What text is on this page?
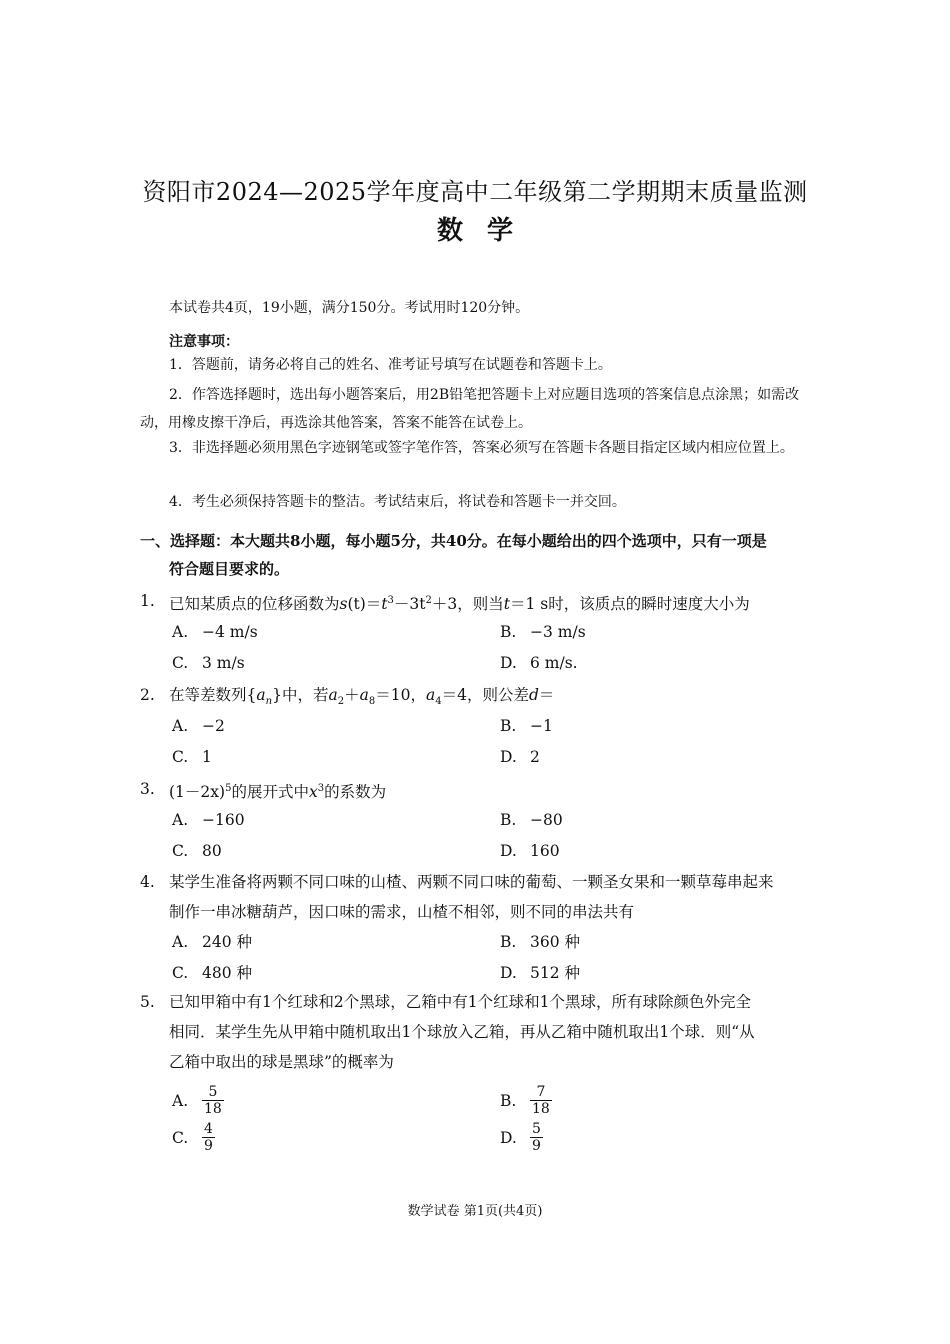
资阳市2024—2025学年度高中二年级第二学期期末质量监测
数学
本试卷共4页，19小题，满分150分。考试用时120分钟。
注意事项：
1．答题前，请务必将自己的姓名、准考证号填写在试题卷和答题卡上。
2．作答选择题时，选出每小题答案后，用2B铅笔把答题卡上对应题目选项的答案信息点涂黑；如需改动，用橡皮擦干净后，再选涂其他答案，答案不能答在试卷上。
3．非选择题必须用黑色字迹钢笔或签字笔作答，答案必须写在答题卡各题目指定区域内相应位置上。
4．考生必须保持答题卡的整洁。考试结束后，将试卷和答题卡一并交回。
一、选择题：本大题共8小题，每小题5分，共40分。在每小题给出的四个选项中，只有一项是
符合题目要求的。
1. 已知某质点的位移函数为$s(t)=t^3-3t^2+3$，则当t＝1 s时，该质点的瞬时速度大小为
A. −4 m/s	B. −3 m/s
C. 3 m/s	D. 6 m/s.
2. 在等差数列$\{a_n\}$中，若$a_2+a_8=10$，$a_4=4$，则公差d＝
A. −2	B. −1
C. 1	D. 2
3. $(1-2x)^5$的展开式中$x^3$的系数为
A. −160	B. −80
C. 80	D. 160
4. 某学生准备将两颗不同口味的山楂、两颗不同口味的葡萄、一颗圣女果和一颗草莓串起来
制作一串冰糖葫芦，因口味的需求，山楂不相邻，则不同的串法共有
A. 240 种	B. 360 种
C. 480 种	D. 512 种
5. 已知甲箱中有1个红球和2个黑球，乙箱中有1个红球和1个黑球，所有球除颜色外完全
相同．某学生先从甲箱中随机取出1个球放入乙箱，再从乙箱中随机取出1个球．则“从
乙箱中取出的球是黑球”的概率为
A. $\frac{5}{18}$	B. $\frac{7}{18}$
C. $\frac{4}{9}$	D. $\frac{5}{9}$
数学试卷 第1页(共4页)
